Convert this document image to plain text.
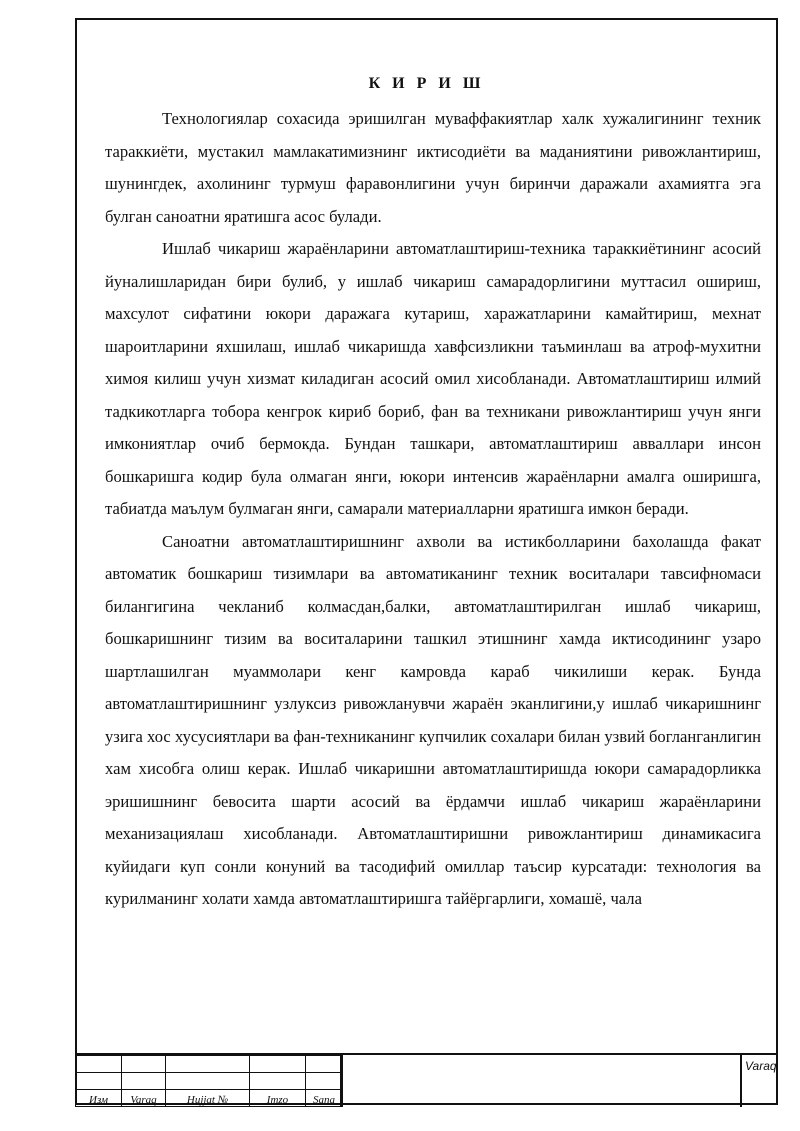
К И Р И Ш

Технологиялар сохасида эришилган муваффакиятлар халк хужалигининг техник тараккиёти, мустакил мамлакатимизнинг иктисодиёти ва маданиятини ривожлантириш, шунингдек, ахолининг турмуш фаравонлигини учун биринчи даражали ахамиятга эга булган саноатни яратишга асос булади.

Ишлаб чикариш жараёнларини автоматлаштириш-техника тараккиётининг асосий йуналишларидан бири булиб, у ишлаб чикариш самарадорлигини муттасил ошириш, махсулот сифатини юкори даражага кутариш, харажатларини камайтириш, мехнат шароитларини яхшилаш, ишлаб чикаришда хавфсизликни таъминлаш ва атроф-мухитни химоя килиш учун хизмат киладиган асосий омил хисобланади. Автоматлаштириш илмий тадкикотларга тобора кенгрок кириб бориб, фан ва техникани ривожлантириш учун янги имкониятлар очиб бермокда. Бундан ташкари, автоматлаштириш авваллари инсон бошкаришга кодир була олмаган янги, юкори интенсив жараёнларни амалга оширишга, табиатда маълум булмаган янги, самарали материалларни яратишга имкон беради.

Саноатни автоматлаштиришнинг ахволи ва истикболларини бахолашда факат автоматик бошкариш тизимлари ва автоматиканинг техник воситалари тавсифномаси билангигина чекланиб колмасдан,балки, автоматлаштирилган ишлаб чикариш, бошкаришнинг тизим ва воситаларини ташкил этишнинг хамда иктисодининг узаро шартлашилган муаммолари кенг камровда караб чикилиши керак. Бунда автоматлаштиришнинг узлуксиз ривожланувчи жараён эканлигини,у ишлаб чикаришнинг узига хос хусусиятлари ва фан-техниканинг купчилик сохалари билан узвий богланганлигин хам хисобга олиш керак. Ишлаб чикаришни автоматлаштиришда юкори самарадорликка эришишнинг бевосита шарти асосий ва ёрдамчи ишлаб чикариш жараёнларини механизациялаш хисобланади. Автоматлаштиришни ривожлантириш динамикасига куйидаги куп сонли конуний ва тасодифий омиллар таъсир курсатади: технология ва курилманинг холати хамда автоматлаштиришга тайёргарлиги, хомашё, чала

Изм	Varaq	Hujjat №	Imzo	Sana
Varaq
